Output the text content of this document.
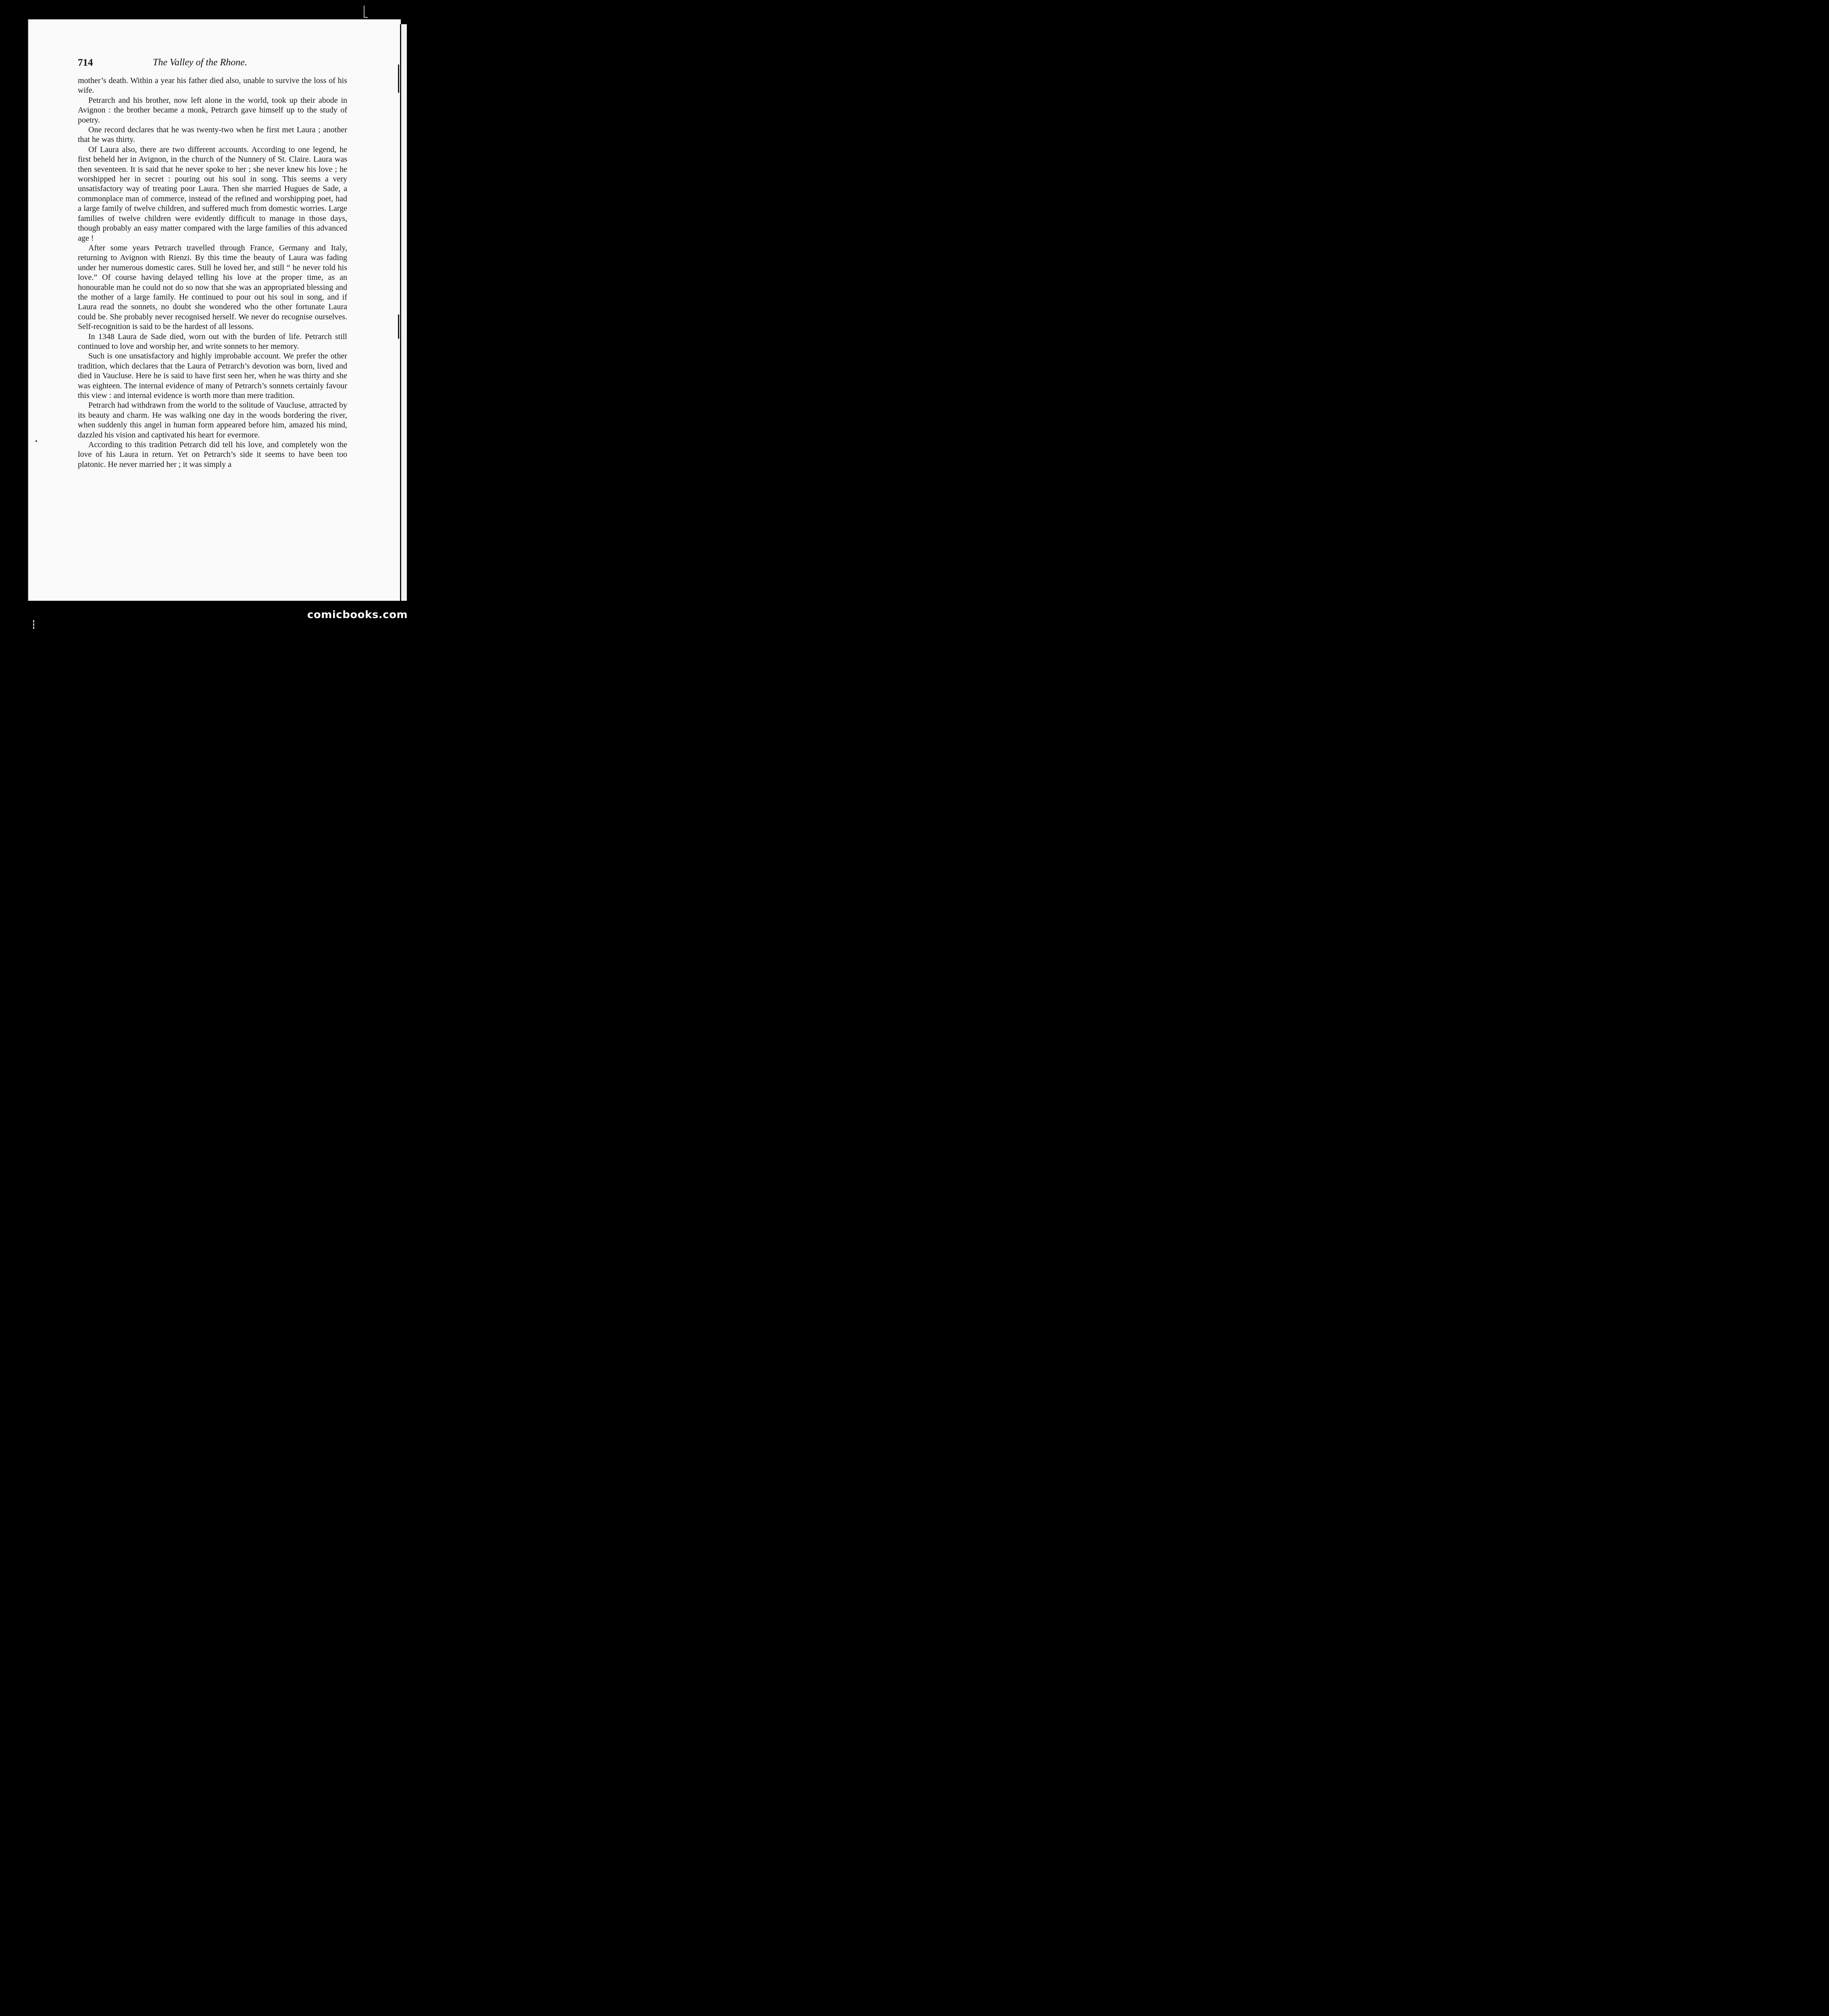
714	The Valley of the Rhone.

mother’s death. Within a year his father died also, unable to survive the loss of his wife.

Petrarch and his brother, now left alone in the world, took up their abode in Avignon : the brother became a monk, Petrarch gave himself up to the study of poetry.

One record declares that he was twenty-two when he first met Laura ; another that he was thirty.

Of Laura also, there are two different accounts. According to one legend, he first beheld her in Avignon, in the church of the Nunnery of St. Claire. Laura was then seventeen. It is said that he never spoke to her ; she never knew his love ; he worshipped her in secret : pouring out his soul in song. This seems a very unsatisfactory way of treating poor Laura. Then she married Hugues de Sade, a commonplace man of commerce, instead of the refined and worshipping poet, had a large family of twelve children, and suffered much from domestic worries. Large families of twelve children were evidently difficult to manage in those days, though probably an easy matter compared with the large families of this advanced age !

After some years Petrarch travelled through France, Germany and Italy, returning to Avignon with Rienzi. By this time the beauty of Laura was fading under her numerous domestic cares. Still he loved her, and still “ he never told his love.” Of course having delayed telling his love at the proper time, as an honourable man he could not do so now that she was an appropriated blessing and the mother of a large family. He continued to pour out his soul in song, and if Laura read the sonnets, no doubt she wondered who the other fortunate Laura could be. She probably never recognised herself. We never do recognise ourselves. Self-recognition is said to be the hardest of all lessons.

In 1348 Laura de Sade died, worn out with the burden of life. Petrarch still continued to love and worship her, and write sonnets to her memory.

Such is one unsatisfactory and highly improbable account. We prefer the other tradition, which declares that the Laura of Petrarch’s devotion was born, lived and died in Vaucluse. Here he is said to have first seen her, when he was thirty and she was eighteen. The internal evidence of many of Petrarch’s sonnets certainly favour this view : and internal evidence is worth more than mere tradition.

Petrarch had withdrawn from the world to the solitude of Vaucluse, attracted by its beauty and charm. He was walking one day in the woods bordering the river, when suddenly this angel in human form appeared before him, amazed his mind, dazzled his vision and captivated his heart for evermore.

According to this tradition Petrarch did tell his love, and completely won the love of his Laura in return. Yet on Petrarch’s side it seems to have been too platonic. He never married her ; it was simply a

comicbooks.com
